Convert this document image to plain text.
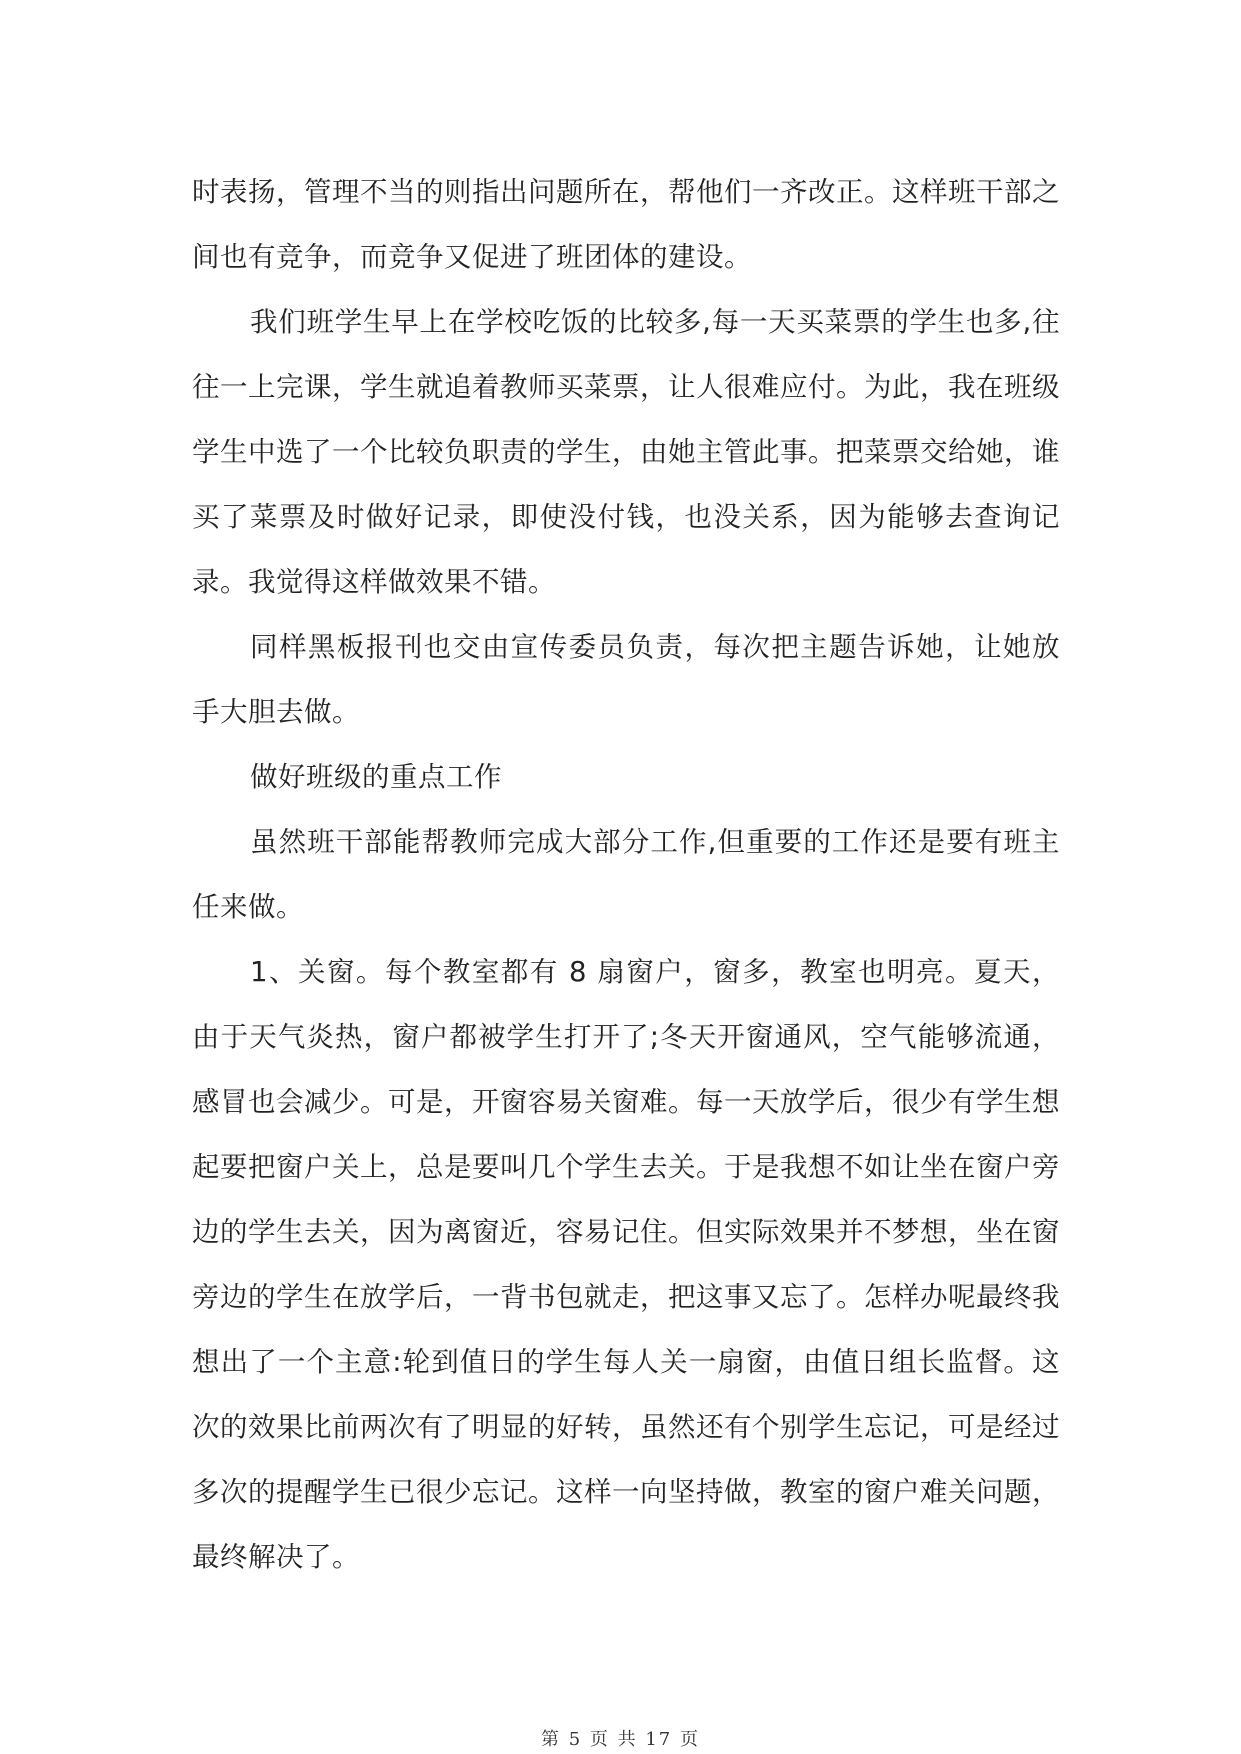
时表扬，管理不当的则指出问题所在，帮他们一齐改正。这样班干部之间也有竞争，而竞争又促进了班团体的建设。

我们班学生早上在学校吃饭的比较多,每一天买菜票的学生也多,往往一上完课，学生就追着教师买菜票，让人很难应付。为此，我在班级学生中选了一个比较负职责的学生，由她主管此事。把菜票交给她，谁买了菜票及时做好记录，即使没付钱，也没关系，因为能够去查询记录。我觉得这样做效果不错。

同样黑板报刊也交由宣传委员负责，每次把主题告诉她，让她放手大胆去做。

做好班级的重点工作

虽然班干部能帮教师完成大部分工作,但重要的工作还是要有班主任来做。

1、关窗。每个教室都有 8 扇窗户，窗多，教室也明亮。夏天，由于天气炎热，窗户都被学生打开了;冬天开窗通风，空气能够流通，感冒也会减少。可是，开窗容易关窗难。每一天放学后，很少有学生想起要把窗户关上，总是要叫几个学生去关。于是我想不如让坐在窗户旁边的学生去关，因为离窗近，容易记住。但实际效果并不梦想，坐在窗旁边的学生在放学后，一背书包就走，把这事又忘了。怎样办呢最终我想出了一个主意:轮到值日的学生每人关一扇窗，由值日组长监督。这次的效果比前两次有了明显的好转，虽然还有个别学生忘记，可是经过多次的提醒学生已很少忘记。这样一向坚持做，教室的窗户难关问题，最终解决了。

第 5 页 共 17 页
